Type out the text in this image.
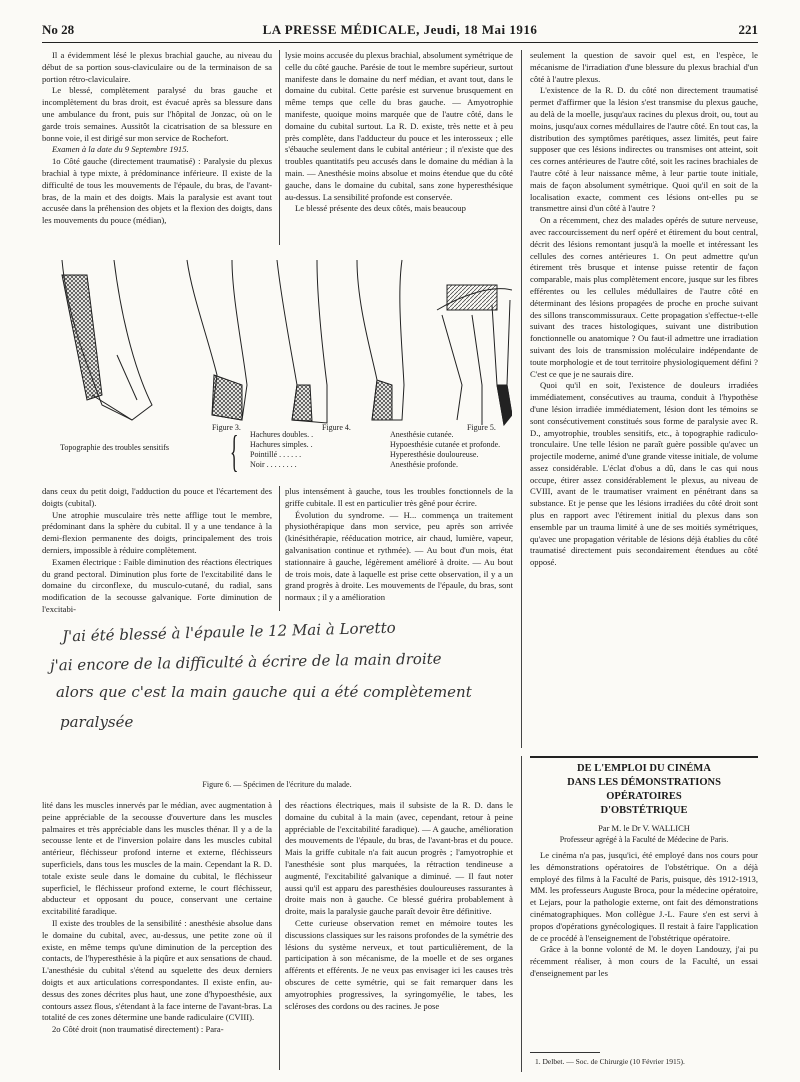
No 28	LA PRESSE MÉDICALE, Jeudi, 18 Mai 1916	221

Il a évidemment lésé le plexus brachial gauche, au niveau du début de sa portion sous-claviculaire ou de la terminaison de sa portion rétro-claviculaire.

Le blessé, complètement paralysé du bras gauche et incomplètement du bras droit, est évacué après sa blessure dans une ambulance du front, puis sur l'hôpital de Jonzac, où on le garde trois semaines. Aussitôt la cicatrisation de sa blessure en bonne voie, il est dirigé sur mon service de Rochefort.

Examen à la date du 9 Septembre 1915.

1o Côté gauche (directement traumatisé) : Paralysie du plexus brachial à type mixte, à prédominance inférieure. Il existe de la difficulté de tous les mouvements de l'épaule, du bras, de l'avant-bras, de la main et des doigts. Mais la paralysie est avant tout accusée dans la préhension des objets et la flexion des doigts, dans les mouvements du pouce (médian),

lysie moins accusée du plexus brachial, absolument symétrique de celle du côté gauche. Parésie de tout le membre supérieur, surtout manifeste dans le domaine du nerf médian, et avant tout, dans le domaine du cubital. Cette parésie est survenue brusquement en même temps que celle du bras gauche. — Amyotrophie manifeste, quoique moins marquée que de l'autre côté, dans le domaine du cubital surtout. La R. D. existe, très nette et à peu près complète, dans l'adducteur du pouce et les interosseux ; elle s'ébauche seulement dans le cubital antérieur ; il n'existe que des troubles quantitatifs peu accusés dans le domaine du médian à la main. — Anesthésie moins absolue et moins étendue que du côté gauche, dans le domaine du cubital, sans zone hyperesthésique au-dessus. La sensibilité profonde est conservée.

Le blessé présente des deux côtés, mais beaucoup

seulement la question de savoir quel est, en l'espèce, le mécanisme de l'irradiation d'une blessure du plexus brachial d'un côté à l'autre plexus.

L'existence de la R. D. du côté non directement traumatisé permet d'affirmer que la lésion s'est transmise du plexus gauche, au delà de la moelle, jusqu'aux racines du plexus droit, ou, tout au moins, jusqu'aux cornes médullaires de l'autre côté. En tout cas, la distribution des symptômes parétiques, assez limités, peut faire supposer que ces lésions indirectes ou transmises ont atteint, soit ces cornes antérieures de l'autre côté, soit les racines brachiales de l'autre côté à leur naissance même, à leur partie toute initiale, mais de façon absolument symétrique. Quoi qu'il en soit de la localisation exacte, comment ces lésions ont-elles pu se transmettre ainsi d'un côté à l'autre ?

On a récemment, chez des malades opérés de suture nerveuse, avec raccourcissement du nerf opéré et étirement du bout central, décrit des lésions remontant jusqu'à la moelle et intéressant les cellules des cornes antérieures 1. On peut admettre qu'un étirement très brusque et intense puisse retentir de façon comparable, mais plus complètement encore, jusque sur les fibres efférentes ou les cellules médullaires de l'autre côté en déterminant des lésions propagées de proche en proche suivant des sillons transcommissuraux. Cette propagation s'effectue-t-elle suivant des traces histologiques, suivant une distribution fonctionnelle ou anatomique ? Ou faut-il admettre une irradiation suivant des lois de transmission moléculaire indépendante de toute morphologie et de tout territoire physiologiquement défini ? C'est ce que je ne saurais dire.

Quoi qu'il en soit, l'existence de douleurs irradiées immédiatement, consécutives au trauma, conduit à l'hypothèse d'une lésion irradiée immédiatement, lésion dont les témoins se sont consécutivement constitués sous forme de paralysie avec R. D., amyotrophie, troubles sensitifs, etc., à topographie radiculo-tronculaire. Une telle lésion ne paraît guère possible qu'avec un projectile moderne, animé d'une grande vitesse initiale, de volume assez considérable. L'éclat d'obus a dû, dans le cas qui nous occupe, étirer assez considérablement le plexus, au niveau de CVIII, avant de le traumatiser vraiment en pénétrant dans sa substance. Et je pense que les lésions irradiées du côté droit sont plus en rapport avec l'étirement initial du plexus dans son ensemble par un trauma limité à une de ses moitiés symétriques, qu'avec une propagation véritable de lésions déjà établies du côté traumatisé directement puis secondairement étendues au côté opposé.

Figure 3.	Figure 4.	Figure 5.
Topographie des troubles sensitifs { Hachures doubles. .	Anesthésie cutanée.
Hachures simples. .	Hypoesthésie cutanée et profonde.
Pointillé . . . . . .	Hyperesthésie douloureuse.
Noir . . . . . . . .	Anesthésie profonde.

dans ceux du petit doigt, l'adduction du pouce et l'écartement des doigts (cubital).

Une atrophie musculaire très nette afflige tout le membre, prédominant dans la sphère du cubital. Il y a une tendance à la demi-flexion permanente des doigts, principalement des trois derniers, impossible à réduire complètement.

Examen électrique : Faible diminution des réactions électriques du grand pectoral. Diminution plus forte de l'excitabilité dans le domaine du circonflexe, du musculo-cutané, du radial, sans modification de la secousse galvanique. Forte diminution de l'excitabi-

plus intensément à gauche, tous les troubles fonctionnels de la griffe cubitale. Il est en particulier très gêné pour écrire.

Évolution du syndrome. — H... commença un traitement physiothérapique dans mon service, peu après son arrivée (kinésithérapie, rééducation motrice, air chaud, lumière, vapeur, galvanisation continue et rythmée). — Au bout d'un mois, état stationnaire à gauche, légèrement amélioré à droite. — Au bout de trois mois, date à laquelle est prise cette observation, il y a un grand progrès à droite. Les mouvements de l'épaule, du bras, sont normaux ; il y a amélioration

J'ai été blessé à l'épaule le 12 Mai à Loretto
j'ai encore de la difficulté à écrire de la main droite
alors que c'est la main gauche qui a été complètement
paralysée
Figure 6. — Spécimen de l'écriture du malade.

lité dans les muscles innervés par le médian, avec augmentation à peine appréciable de la secousse d'ouverture dans les muscles palmaires et très appréciable dans les muscles thénar. Il y a de la secousse lente et de l'inversion polaire dans les muscles cubital antérieur, fléchisseur profond interne et externe, fléchisseurs superficiels, dans tous les muscles de la main. Cependant la R. D. totale existe seule dans le domaine du cubital, le fléchisseur superficiel, le fléchisseur profond externe, le court fléchisseur, abducteur et opposant du pouce, conservant une certaine excitabilité faradique.

Il existe des troubles de la sensibilité : anesthésie absolue dans le domaine du cubital, avec, au-dessus, une petite zone où il existe, en même temps qu'une diminution de la perception des contacts, de l'hyperesthésie à la piqûre et aux sensations de chaud. L'anesthésie du cubital s'étend au squelette des deux derniers doigts et aux articulations correspondantes. Il existe enfin, au-dessus des zones décrites plus haut, une zone d'hypoesthésie, aux contours assez flous, s'étendant à la face interne de l'avant-bras. La totalité de ces zones détermine une bande radiculaire (CVIII).

2o Côté droit (non traumatisé directement) : Para-

des réactions électriques, mais il subsiste de la R. D. dans le domaine du cubital à la main (avec, cependant, retour à peine appréciable de l'excitabilité faradique). — A gauche, amélioration des mouvements de l'épaule, du bras, de l'avant-bras et du pouce. Mais la griffe cubitale n'a fait aucun progrès ; l'amyotrophie et l'anesthésie sont plus marquées, la rétraction tendineuse a augmenté, l'excitabilité galvanique a diminué. — Il faut noter aussi qu'il est apparu des paresthésies douloureuses rassurantes à droite mais non à gauche. Ce blessé guérira probablement à droite, mais la paralysie gauche paraît devoir être définitive.

Cette curieuse observation remet en mémoire toutes les discussions classiques sur les raisons profondes de la symétrie des lésions du système nerveux, et tout particulièrement, de la participation à son mécanisme, de la moelle et de ses organes afférents et efférents. Je ne veux pas envisager ici les causes très obscures de cette symétrie, qui se fait remarquer dans les amyotrophies progressives, la syringomyélie, le tabes, les scléroses des cordons ou des racines. Je pose

DE L'EMPLOI DU CINÉMA
DANS LES DÉMONSTRATIONS OPÉRATOIRES
D'OBSTÉTRIQUE
Par M. le Dr V. WALLICH
Professeur agrégé à la Faculté de Médecine de Paris.

Le cinéma n'a pas, jusqu'ici, été employé dans nos cours pour les démonstrations opératoires de l'obstétrique. On a déjà employé des films à la Faculté de Paris, puisque, dès 1912-1913, MM. les professeurs Auguste Broca, pour la médecine opératoire, et Lejars, pour la pathologie externe, ont fait des démonstrations cinématographiques. Mon collègue J.-L. Faure s'en est servi à propos d'opérations gynécologiques. Il restait à faire l'application de ce procédé à l'enseignement de l'obstétrique opératoire.

Grâce à la bonne volonté de M. le doyen Landouzy, j'ai pu récemment réaliser, à mon cours de la Faculté, un essai d'enseignement par les

1. Delbet. — Soc. de Chirurgie (10 Février 1915).
